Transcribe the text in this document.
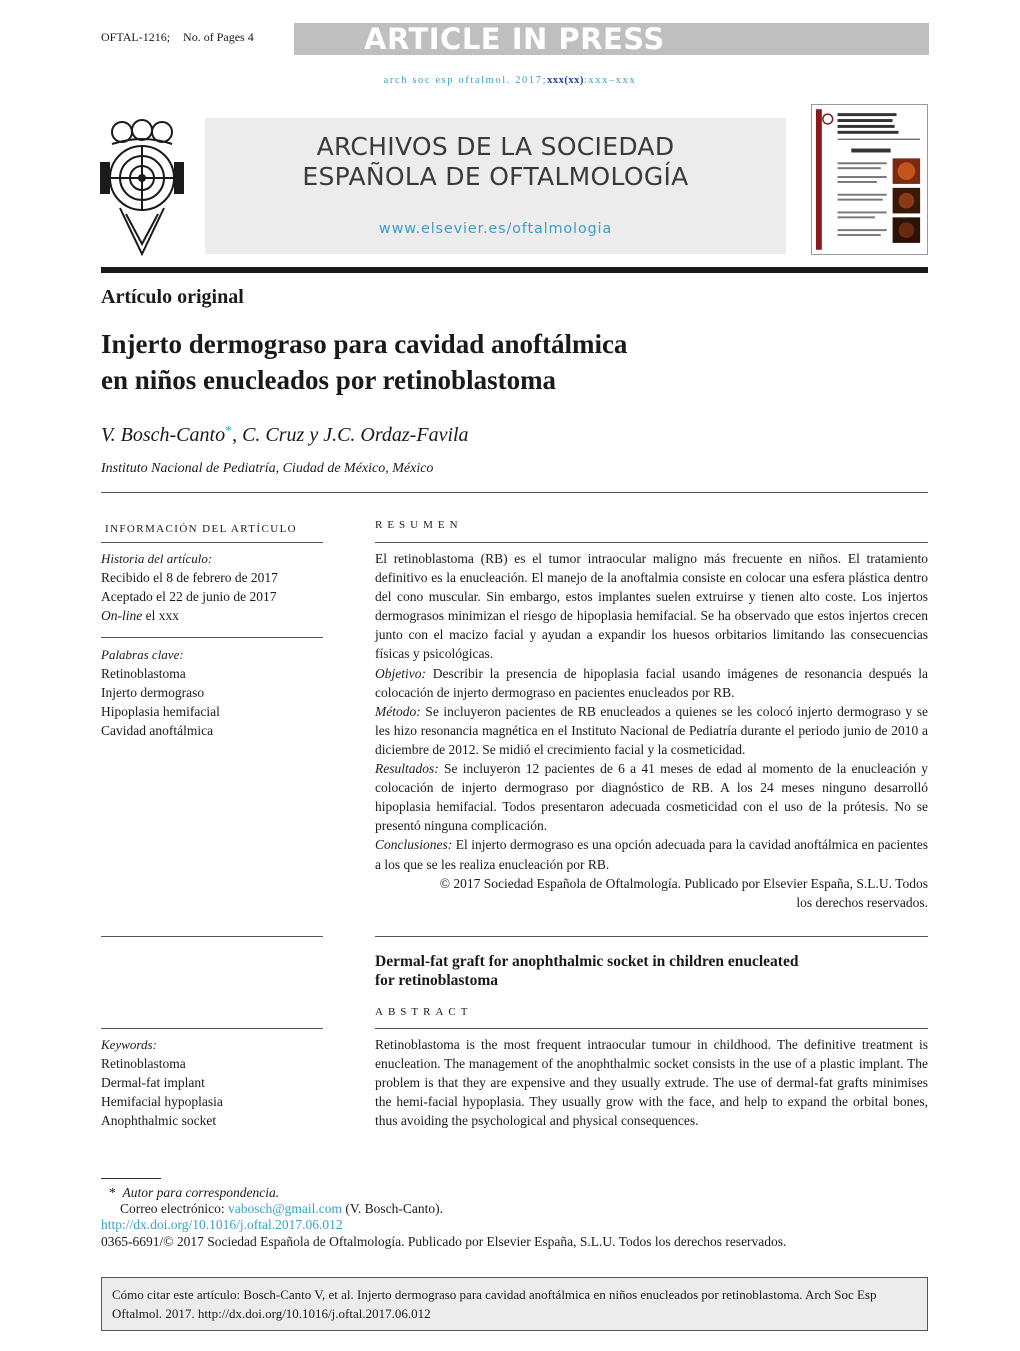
OFTAL-1216; No. of Pages 4	ARTICLE IN PRESS
arch soc esp oftalmol. 2017;xxx(xx):xxx–xxx
ARCHIVOS DE LA SOCIEDAD
ESPAÑOLA DE OFTALMOLOGÍA
www.elsevier.es/oftalmologia
Artículo original
Injerto dermograso para cavidad anoftálmica
en niños enucleados por retinoblastoma
V. Bosch-Canto*, C. Cruz y J.C. Ordaz-Favila
Instituto Nacional de Pediatría, Ciudad de México, México
INFORMACIÓN DEL ARTÍCULO
Historia del artículo:
Recibido el 8 de febrero de 2017
Aceptado el 22 de junio de 2017
On-line el xxx
Palabras clave:
Retinoblastoma
Injerto dermograso
Hipoplasia hemifacial
Cavidad anoftálmica
Keywords:
Retinoblastoma
Dermal-fat implant
Hemifacial hypoplasia
Anophthalmic socket
RESUMEN

El retinoblastoma (RB) es el tumor intraocular maligno más frecuente en niños. El tratamiento definitivo es la enucleación. El manejo de la anoftalmia consiste en colocar una esfera plástica dentro del cono muscular. Sin embargo, estos implantes suelen extruirse y tienen alto coste. Los injertos dermograsos minimizan el riesgo de hipoplasia hemifacial. Se ha observado que estos injertos crecen junto con el macizo facial y ayudan a expandir los huesos orbitarios limitando las consecuencias físicas y psicológicas.

Objetivo: Describir la presencia de hipoplasia facial usando imágenes de resonancia después la colocación de injerto dermograso en pacientes enucleados por RB.

Método: Se incluyeron pacientes de RB enucleados a quienes se les colocó injerto dermograso y se les hizo resonancia magnética en el Instituto Nacional de Pediatría durante el periodo junio de 2010 a diciembre de 2012. Se midió el crecimiento facial y la cosmeticidad.

Resultados: Se incluyeron 12 pacientes de 6 a 41 meses de edad al momento de la enucleación y colocación de injerto dermograso por diagnóstico de RB. A los 24 meses ninguno desarrolló hipoplasia hemifacial. Todos presentaron adecuada cosmeticidad con el uso de la prótesis. No se presentó ninguna complicación.

Conclusiones: El injerto dermograso es una opción adecuada para la cavidad anoftálmica en pacientes a los que se les realiza enucleación por RB.

© 2017 Sociedad Española de Oftalmología. Publicado por Elsevier España, S.L.U. Todos
los derechos reservados.

Dermal-fat graft for anophthalmic socket in children enucleated
for retinoblastoma
ABSTRACT
Retinoblastoma is the most frequent intraocular tumour in childhood. The definitive treatment is enucleation. The management of the anophthalmic socket consists in the use of a plastic implant. The problem is that they are expensive and they usually extrude. The use of dermal-fat grafts minimises the hemi-facial hypoplasia. They usually grow with the face, and help to expand the orbital bones, thus avoiding the psychological and physical consequences.
* Autor para correspondencia.
Correo electrónico: vabosch@gmail.com (V. Bosch-Canto).
http://dx.doi.org/10.1016/j.oftal.2017.06.012
0365-6691/© 2017 Sociedad Española de Oftalmología. Publicado por Elsevier España, S.L.U. Todos los derechos reservados.
Cómo citar este artículo: Bosch-Canto V, et al. Injerto dermograso para cavidad anoftálmica en niños enucleados por retinoblastoma. Arch Soc Esp Oftalmol. 2017. http://dx.doi.org/10.1016/j.oftal.2017.06.012
